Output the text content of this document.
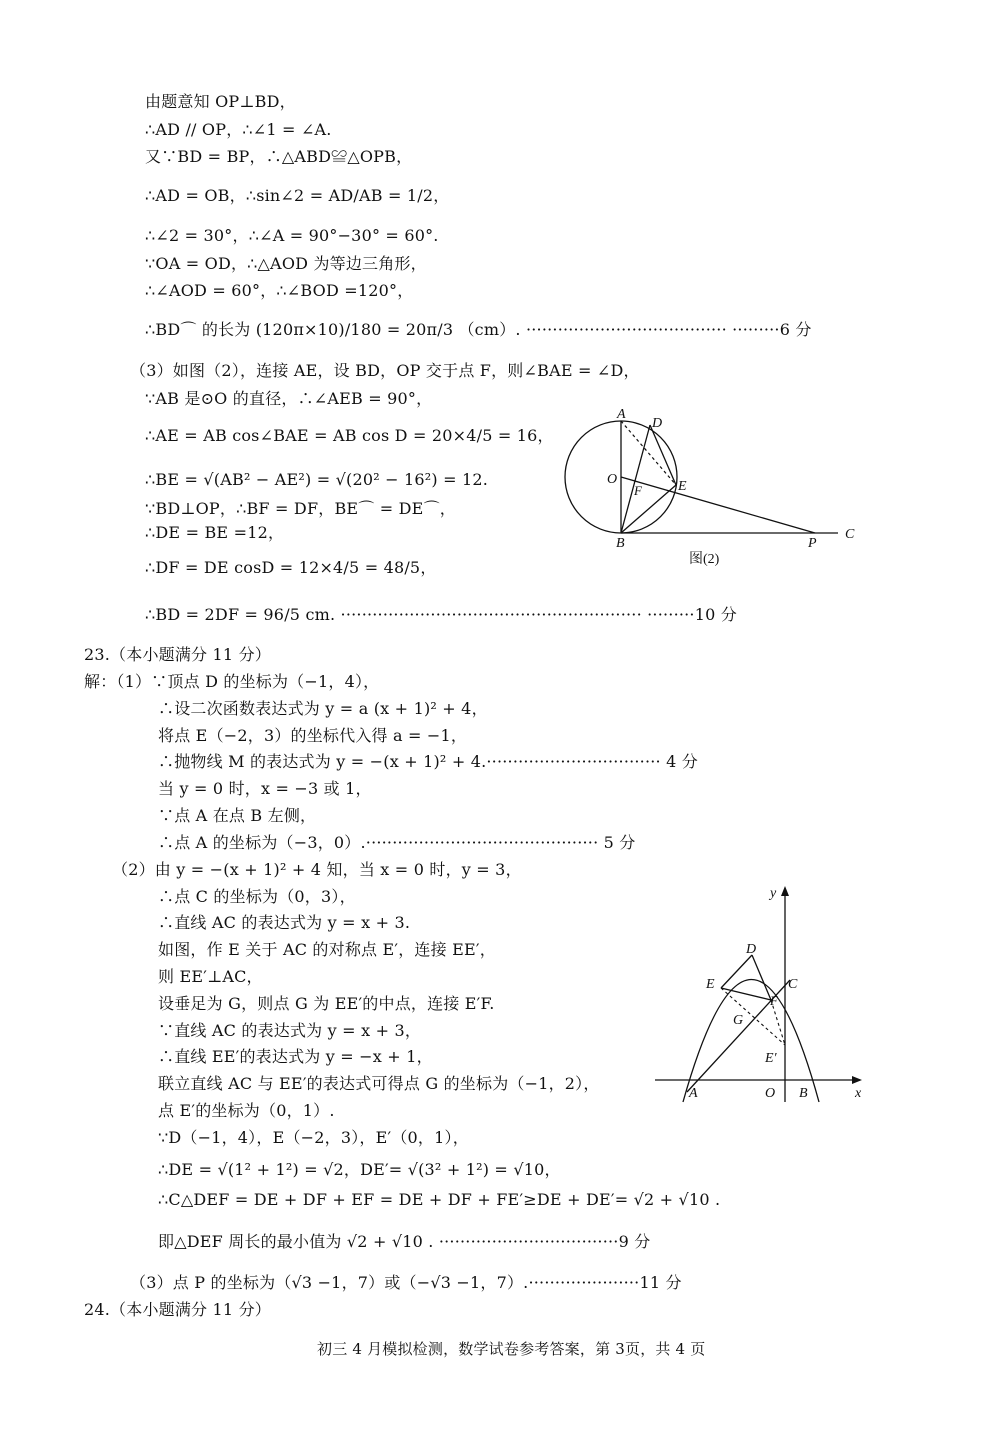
由题意知 OP⊥BD，
∴AD // OP，∴∠1 = ∠A.
又∵BD = BP，∴△ABD≌△OPB，
∴AD = OB，∴sin∠2 = AD/AB = 1/2，
∴∠2 = 30°，∴∠A = 90°−30° = 60°.
∵OA = OD，∴△AOD 为等边三角形，
∴∠AOD = 60°，∴∠BOD =120°，
∴BD⌒ 的长为 (120π×10)/180 = 20π/3 （cm）. ······································ ·········6 分
（3）如图（2），连接 AE，设 BD，OP 交于点 F，则∠BAE = ∠D，
∵AB 是⊙O 的直径，∴∠AEB = 90°，
∴AE = AB cos∠BAE = AB cos D = 20×4/5 = 16，
∴BE = √(AB² − AE²) = √(20² − 16²) = 12.
∵BD⊥OP，∴BF = DF，BE⌒ = DE⌒，
∴DE = BE =12，
∴DF = DE cosD = 12×4/5 = 48/5，
∴BD = 2DF = 96/5 cm. ························································· ·········10 分
23.（本小题满分 11 分）
解：（1）∵顶点 D 的坐标为（−1，4），
∴设二次函数表达式为 y = a (x + 1)² + 4，
将点 E（−2，3）的坐标代入得 a = −1，
∴抛物线 M 的表达式为 y = −(x + 1)² + 4.································· 4 分
当 y = 0 时，x = −3 或 1，
∵点 A 在点 B 左侧，
∴点 A 的坐标为（−3，0）.············································ 5 分
（2）由 y = −(x + 1)² + 4 知，当 x = 0 时，y = 3，
∴点 C 的坐标为（0，3），
∴直线 AC 的表达式为 y = x + 3.
如图，作 E 关于 AC 的对称点 E′，连接 EE′，
则 EE′⊥AC，
设垂足为 G，则点 G 为 EE′的中点，连接 E′F.
∵直线 AC 的表达式为 y = x + 3，
∴直线 EE′的表达式为 y = −x + 1，
联立直线 AC 与 EE′的表达式可得点 G 的坐标为（−1，2），
点 E′的坐标为（0，1）.
∵D（−1，4），E（−2，3），E′（0，1），
∴DE = √(1² + 1²) = √2，DE′= √(3² + 1²) = √10，
∴C△DEF = DE + DF + EF = DE + DF + FE′≥DE + DE′= √2 + √10 .
即△DEF 周长的最小值为 √2 + √10 . ··································9 分
（3）点 P 的坐标为（√3 −1，7）或（−√3 −1，7）.·····················11 分
24.（本小题满分 11 分）
A
D
O
F	E
B	P
C
图(2)
y
x
D
E	C
F
G
E′
A	O B
初三 4 月模拟检测，数学试卷参考答案，第 3页，共 4 页
